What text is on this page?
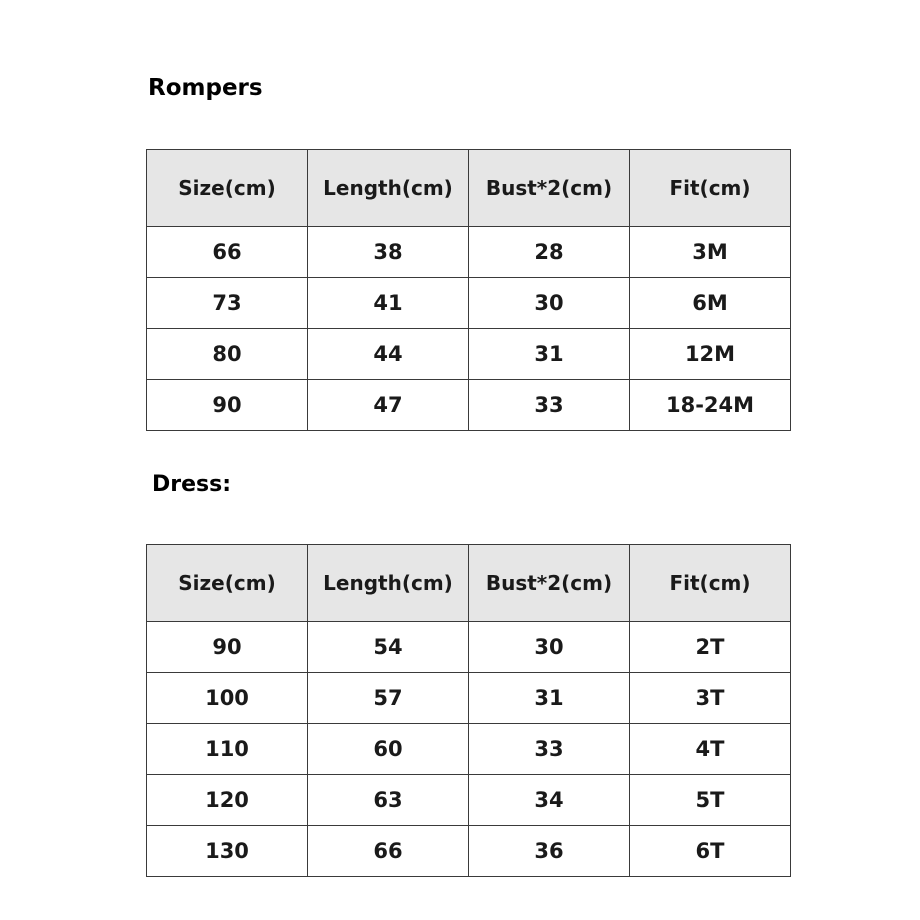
Rompers
Size(cm)	Length(cm)	Bust*2(cm)	Fit(cm)
66	38	28	3M
73	41	30	6M
80	44	31	12M
90	47	33	18-24M
Dress:
Size(cm)	Length(cm)	Bust*2(cm)	Fit(cm)
90	54	30	2T
100	57	31	3T
110	60	33	4T
120	63	34	5T
130	66	36	6T
